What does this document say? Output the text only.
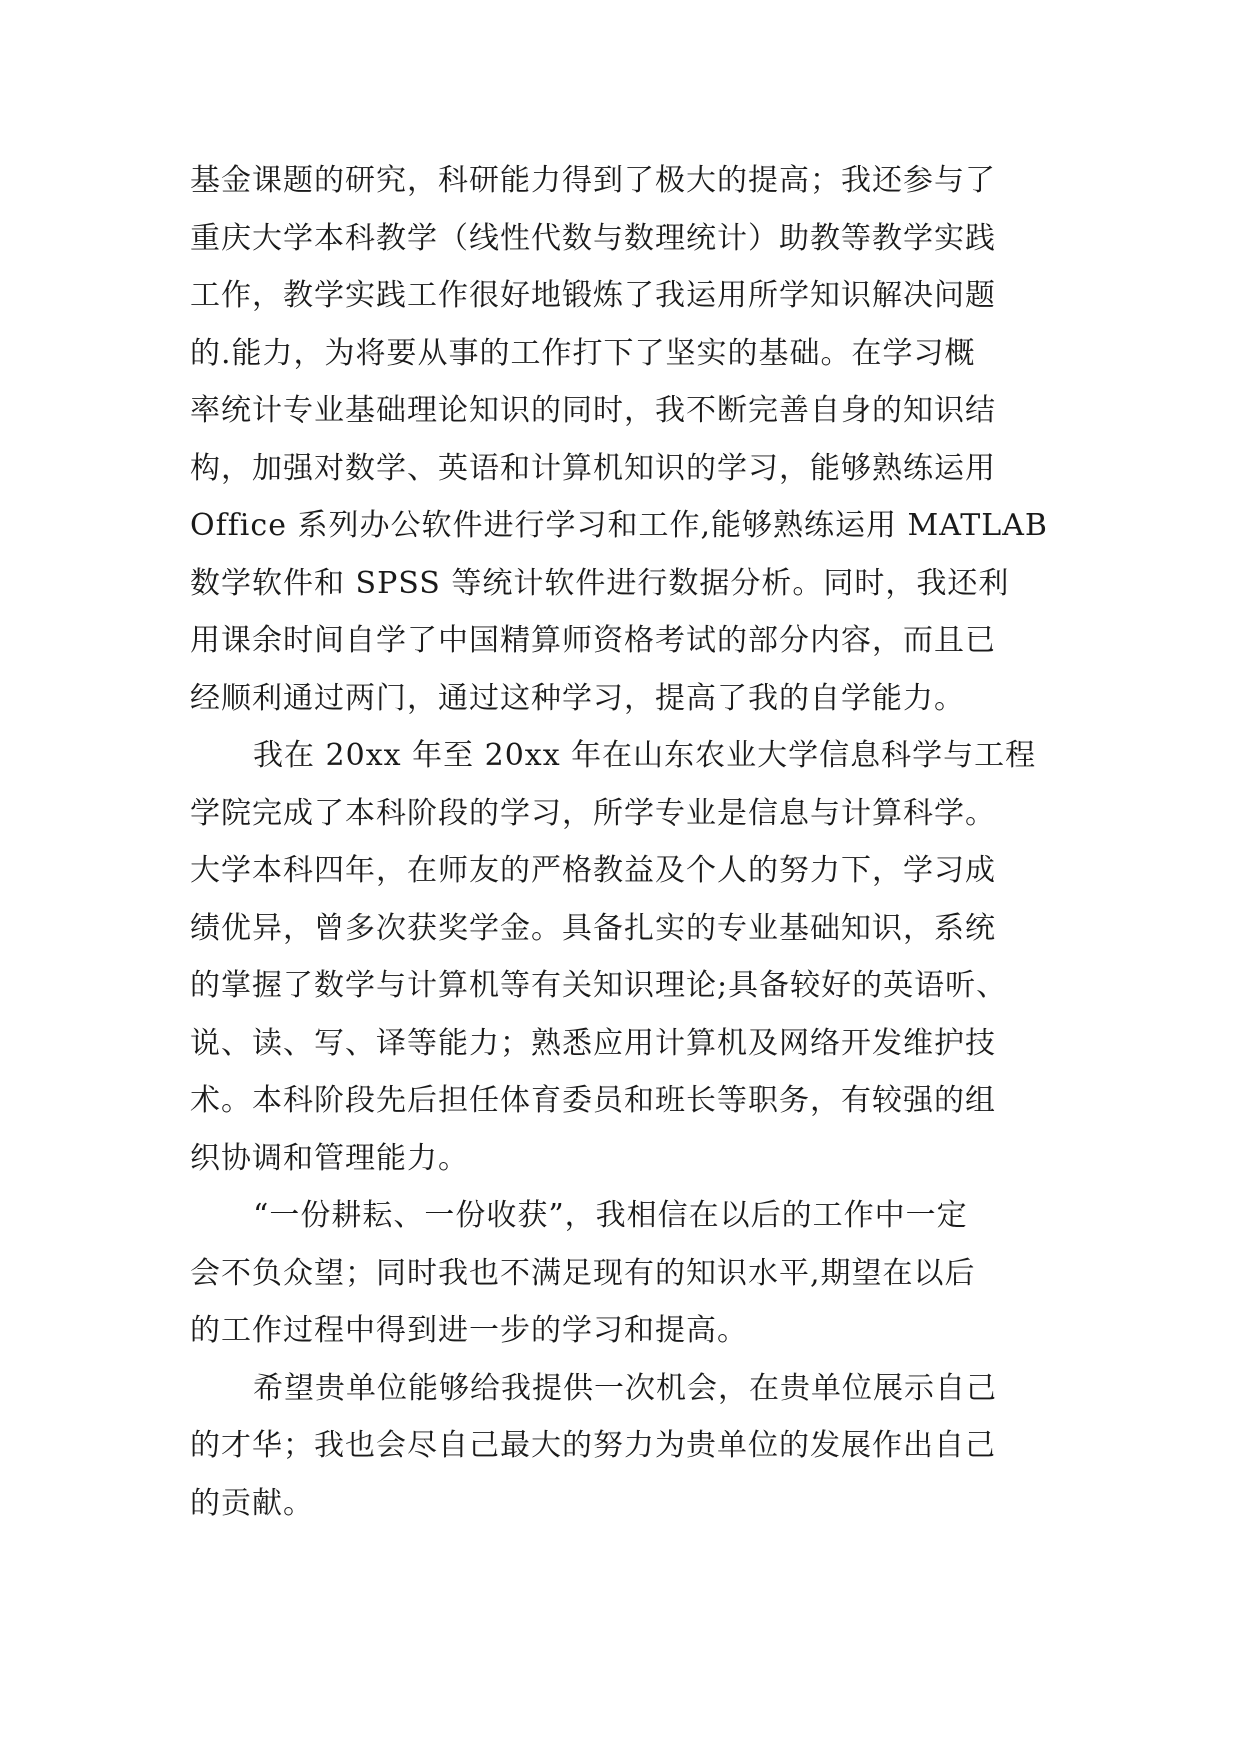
基金课题的研究，科研能力得到了极大的提高；我还参与了
重庆大学本科教学（线性代数与数理统计）助教等教学实践
工作，教学实践工作很好地锻炼了我运用所学知识解决问题
的.能力，为将要从事的工作打下了坚实的基础。在学习概
率统计专业基础理论知识的同时，我不断完善自身的知识结
构，加强对数学、英语和计算机知识的学习，能够熟练运用
Office 系列办公软件进行学习和工作,能够熟练运用 MATLAB
数学软件和 SPSS 等统计软件进行数据分析。同时，我还利
用课余时间自学了中国精算师资格考试的部分内容，而且已
经顺利通过两门，通过这种学习，提高了我的自学能力。
我在 20xx 年至 20xx 年在山东农业大学信息科学与工程
学院完成了本科阶段的学习，所学专业是信息与计算科学。
大学本科四年，在师友的严格教益及个人的努力下，学习成
绩优异，曾多次获奖学金。具备扎实的专业基础知识，系统
的掌握了数学与计算机等有关知识理论;具备较好的英语听、
说、读、写、译等能力；熟悉应用计算机及网络开发维护技
术。本科阶段先后担任体育委员和班长等职务，有较强的组
织协调和管理能力。
“一份耕耘、一份收获”，我相信在以后的工作中一定
会不负众望；同时我也不满足现有的知识水平,期望在以后
的工作过程中得到进一步的学习和提高。
希望贵单位能够给我提供一次机会，在贵单位展示自己
的才华；我也会尽自己最大的努力为贵单位的发展作出自己
的贡献。
